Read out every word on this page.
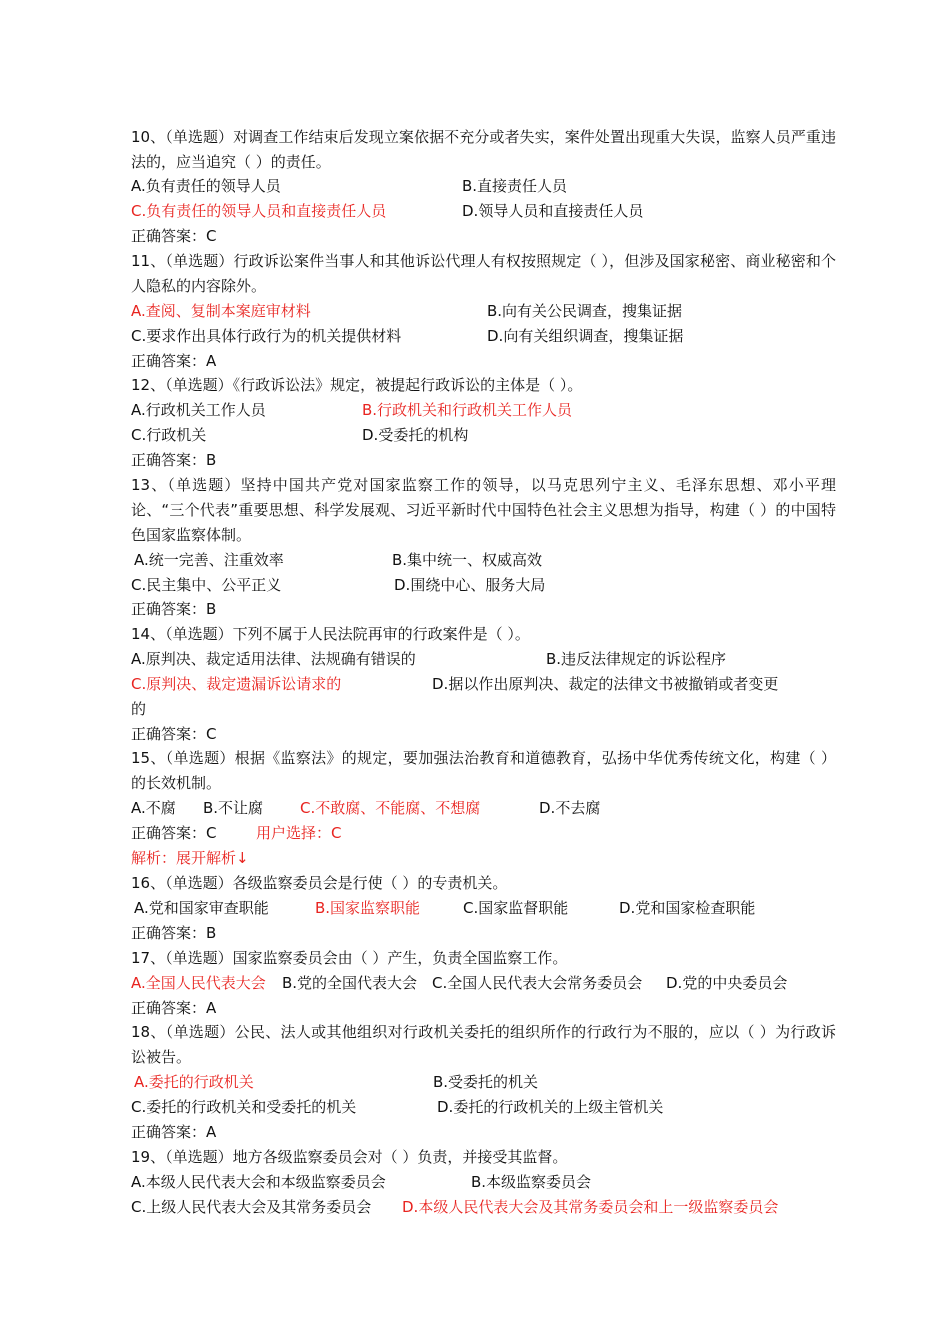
10、（单选题）对调查工作结束后发现立案依据不充分或者失实，案件处置出现重大失误，监察人员严重违法的，应当追究（ ）的责任。
A.负有责任的领导人员	B.直接责任人员
C.负有责任的领导人员和直接责任人员	D.领导人员和直接责任人员
正确答案：C
11、（单选题）行政诉讼案件当事人和其他诉讼代理人有权按照规定（ ），但涉及国家秘密、商业秘密和个人隐私的内容除外。
A.查阅、复制本案庭审材料	B.向有关公民调查，搜集证据
C.要求作出具体行政行为的机关提供材料	D.向有关组织调查，搜集证据
正确答案：A
12、（单选题）《行政诉讼法》规定，被提起行政诉讼的主体是（ ）。
A.行政机关工作人员	B.行政机关和行政机关工作人员
C.行政机关	D.受委托的机构
正确答案：B
13、（单选题）坚持中国共产党对国家监察工作的领导，以马克思列宁主义、毛泽东思想、邓小平理论、“三个代表”重要思想、科学发展观、习近平新时代中国特色社会主义思想为指导，构建（ ）的中国特色国家监察体制。
A.统一完善、注重效率	B.集中统一、权威高效
C.民主集中、公平正义	D.围绕中心、服务大局
正确答案：B
14、（单选题）下列不属于人民法院再审的行政案件是（ ）。
A.原判决、裁定适用法律、法规确有错误的	B.违反法律规定的诉讼程序
C.原判决、裁定遗漏诉讼请求的	D.据以作出原判决、裁定的法律文书被撤销或者变更
的
正确答案：C
15、（单选题）根据《监察法》的规定，要加强法治教育和道德教育，弘扬中华优秀传统文化，构建（ ）的长效机制。
A.不腐 B.不让腐 C.不敢腐、不能腐、不想腐	D.不去腐
正确答案：C	用户选择：C
解析：展开解析↓
16、（单选题）各级监察委员会是行使（ ）的专责机关。
A.党和国家审查职能	B.国家监察职能	C.国家监督职能	D.党和国家检查职能
正确答案：B
17、（单选题）国家监察委员会由（ ）产生，负责全国监察工作。
A.全国人民代表大会 B.党的全国代表大会 C.全国人民代表大会常务委员会 D.党的中央委员会
正确答案：A
18、（单选题）公民、法人或其他组织对行政机关委托的组织所作的行政行为不服的，应以（ ）为行政诉讼被告。
A.委托的行政机关	B.受委托的机关
C.委托的行政机关和受委托的机关	D.委托的行政机关的上级主管机关
正确答案：A
19、（单选题）地方各级监察委员会对（ ）负责，并接受其监督。
A.本级人民代表大会和本级监察委员会	B.本级监察委员会
C.上级人民代表大会及其常务委员会 D.本级人民代表大会及其常务委员会和上一级监察委员会
